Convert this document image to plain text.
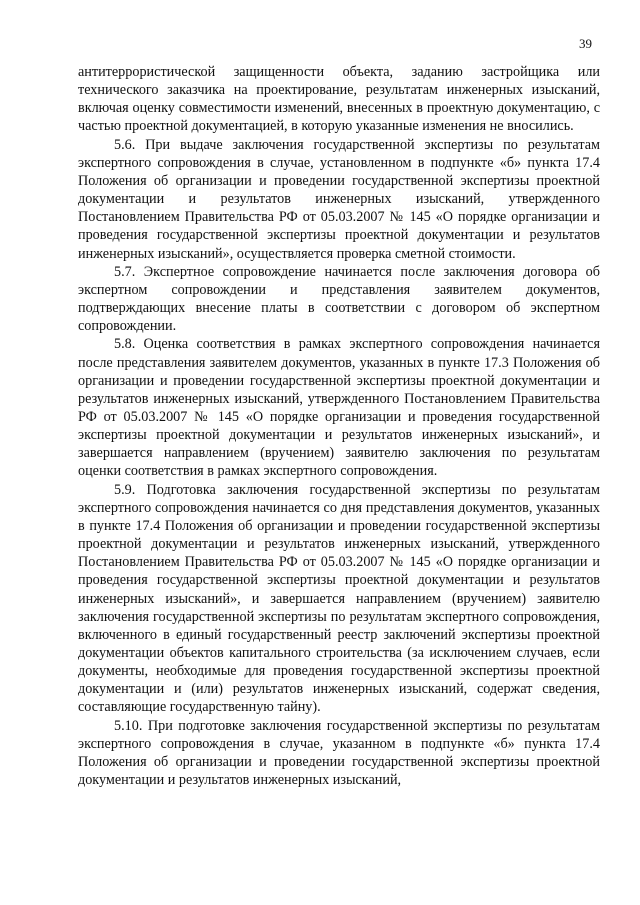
39

антитеррористической защищенности объекта, заданию застройщика или технического заказчика на проектирование, результатам инженерных изысканий, включая оценку совместимости изменений, внесенных в проектную документацию, с частью проектной документацией, в которую указанные изменения не вносились.

5.6. При выдаче заключения государственной экспертизы по результатам экспертного сопровождения в случае, установленном в подпункте «б» пункта 17.4 Положения об организации и проведении государственной экспертизы проектной документации и результатов инженерных изысканий, утвержденного Постановлением Правительства РФ от 05.03.2007 № 145 «О порядке организации и проведения государственной экспертизы проектной документации и результатов инженерных изысканий», осуществляется проверка сметной стоимости.

5.7. Экспертное сопровождение начинается после заключения договора об экспертном сопровождении и представления заявителем документов, подтверждающих внесение платы в соответствии с договором об экспертном сопровождении.

5.8. Оценка соответствия в рамках экспертного сопровождения начинается после представления заявителем документов, указанных в пункте 17.3 Положения об организации и проведении государственной экспертизы проектной документации и результатов инженерных изысканий, утвержденного Постановлением Правительства РФ от 05.03.2007 № 145 «О порядке организации и проведения государственной экспертизы проектной документации и результатов инженерных изысканий», и завершается направлением (вручением) заявителю заключения по результатам оценки соответствия в рамках экспертного сопровождения.

5.9. Подготовка заключения государственной экспертизы по результатам экспертного сопровождения начинается со дня представления документов, указанных в пункте 17.4 Положения об организации и проведении государственной экспертизы проектной документации и результатов инженерных изысканий, утвержденного Постановлением Правительства РФ от 05.03.2007 № 145 «О порядке организации и проведения государственной экспертизы проектной документации и результатов инженерных изысканий», и завершается направлением (вручением) заявителю заключения государственной экспертизы по результатам экспертного сопровождения, включенного в единый государственный реестр заключений экспертизы проектной документации объектов капитального строительства (за исключением случаев, если документы, необходимые для проведения государственной экспертизы проектной документации и (или) результатов инженерных изысканий, содержат сведения, составляющие государственную тайну).

5.10. При подготовке заключения государственной экспертизы по результатам экспертного сопровождения в случае, указанном в подпункте «б» пункта 17.4 Положения об организации и проведении государственной экспертизы проектной документации и результатов инженерных изысканий,
